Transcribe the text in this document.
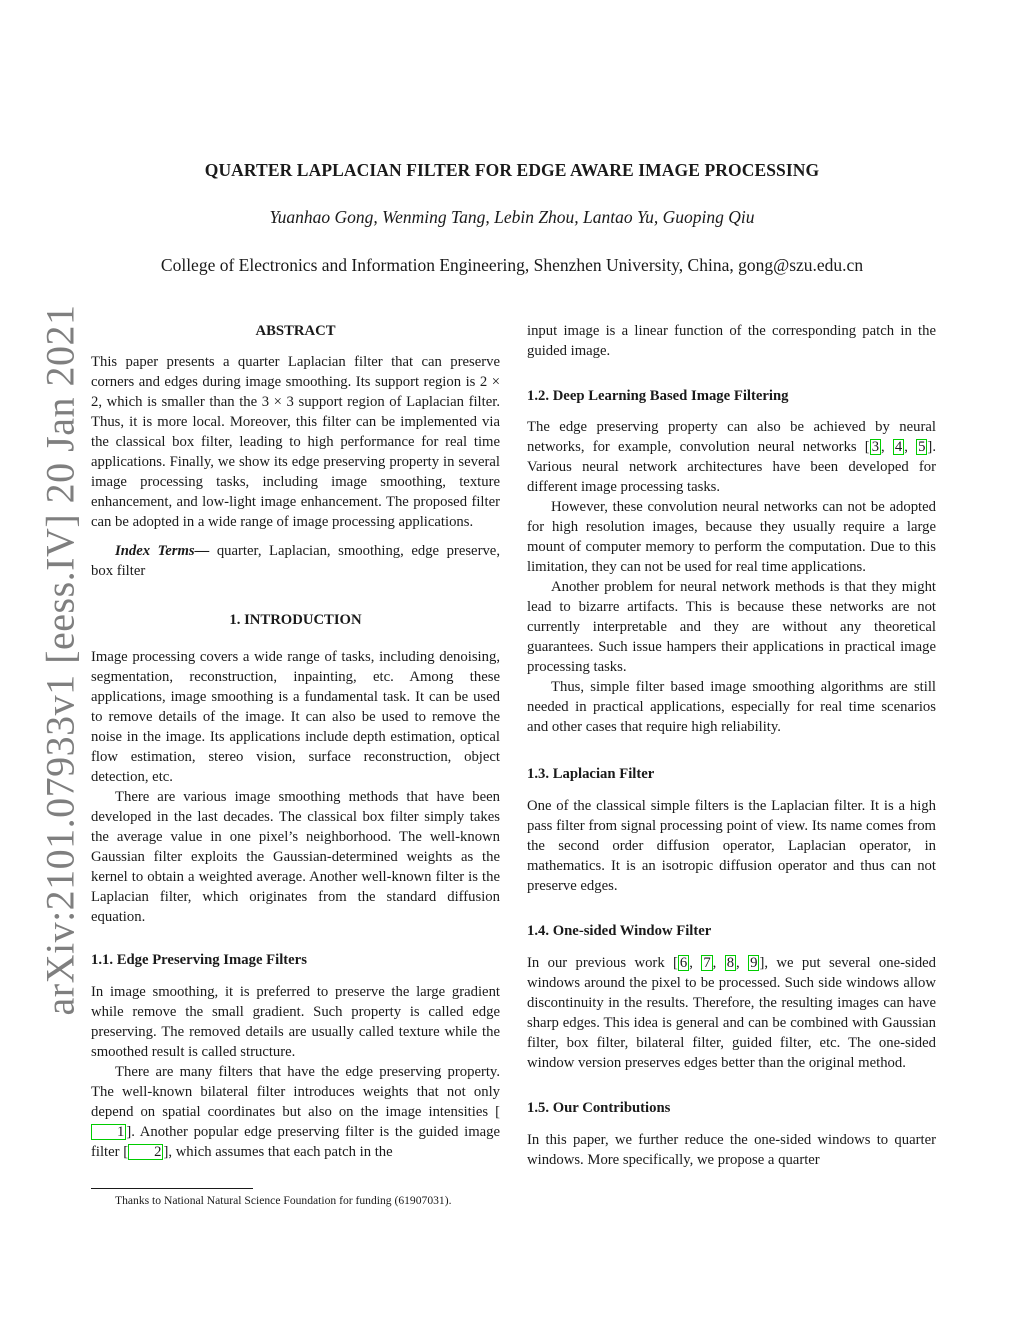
arXiv:2101.07933v1 [eess.IV] 20 Jan 2021
QUARTER LAPLACIAN FILTER FOR EDGE AWARE IMAGE PROCESSING
Yuanhao Gong, Wenming Tang, Lebin Zhou, Lantao Yu, Guoping Qiu
College of Electronics and Information Engineering, Shenzhen University, China, gong@szu.edu.cn

ABSTRACT

This paper presents a quarter Laplacian filter that can preserve corners and edges during image smoothing. Its support region is 2 × 2, which is smaller than the 3 × 3 support region of Laplacian filter. Thus, it is more local. Moreover, this filter can be implemented via the classical box filter, leading to high performance for real time applications. Finally, we show its edge preserving property in several image processing tasks, including image smoothing, texture enhancement, and low-light image enhancement. The proposed filter can be adopted in a wide range of image processing applications.

Index Terms— quarter, Laplacian, smoothing, edge preserve, box filter

1. INTRODUCTION

Image processing covers a wide range of tasks, including denoising, segmentation, reconstruction, inpainting, etc. Among these applications, image smoothing is a fundamental task. It can be used to remove details of the image. It can also be used to remove the noise in the image. Its applications include depth estimation, optical flow estimation, stereo vision, surface reconstruction, object detection, etc.

There are various image smoothing methods that have been developed in the last decades. The classical box filter simply takes the average value in one pixel’s neighborhood. The well-known Gaussian filter exploits the Gaussian-determined weights as the kernel to obtain a weighted average. Another well-known filter is the Laplacian filter, which originates from the standard diffusion equation.

1.1. Edge Preserving Image Filters

In image smoothing, it is preferred to preserve the large gradient while remove the small gradient. Such property is called edge preserving. The removed details are usually called texture while the smoothed result is called structure.

There are many filters that have the edge preserving property. The well-known bilateral filter introduces weights that not only depend on spatial coordinates but also on the image intensities [1 ]. Another popular edge preserving filter is the guided image filter [ 2 ], which assumes that each patch in the

Thanks to National Natural Science Foundation for funding (61907031).

input image is a linear function of the corresponding patch in the guided image.

1.2. Deep Learning Based Image Filtering

The edge preserving property can also be achieved by neural networks, for example, convolution neural networks [ 3 , 4 , 5 ]. Various neural network architectures have been developed for different image processing tasks.

However, these convolution neural networks can not be adopted for high resolution images, because they usually require a large mount of computer memory to perform the computation. Due to this limitation, they can not be used for real time applications.

Another problem for neural network methods is that they might lead to bizarre artifacts. This is because these networks are not currently interpretable and they are without any theoretical guarantees. Such issue hampers their applications in practical image processing tasks.

Thus, simple filter based image smoothing algorithms are still needed in practical applications, especially for real time scenarios and other cases that require high reliability.

1.3. Laplacian Filter

One of the classical simple filters is the Laplacian filter. It is a high pass filter from signal processing point of view. Its name comes from the second order diffusion operator, Laplacian operator, in mathematics. It is an isotropic diffusion operator and thus can not preserve edges.

1.4. One-sided Window Filter

In our previous work [ 6 , 7 , 8 , 9 ], we put several one-sided windows around the pixel to be processed. Such side windows allow discontinuity in the results. Therefore, the resulting images can have sharp edges. This idea is general and can be combined with Gaussian filter, box filter, bilateral filter, guided filter, etc. The one-sided window version preserves edges better than the original method.

1.5. Our Contributions

In this paper, we further reduce the one-sided windows to quarter windows. More specifically, we propose a quarter
